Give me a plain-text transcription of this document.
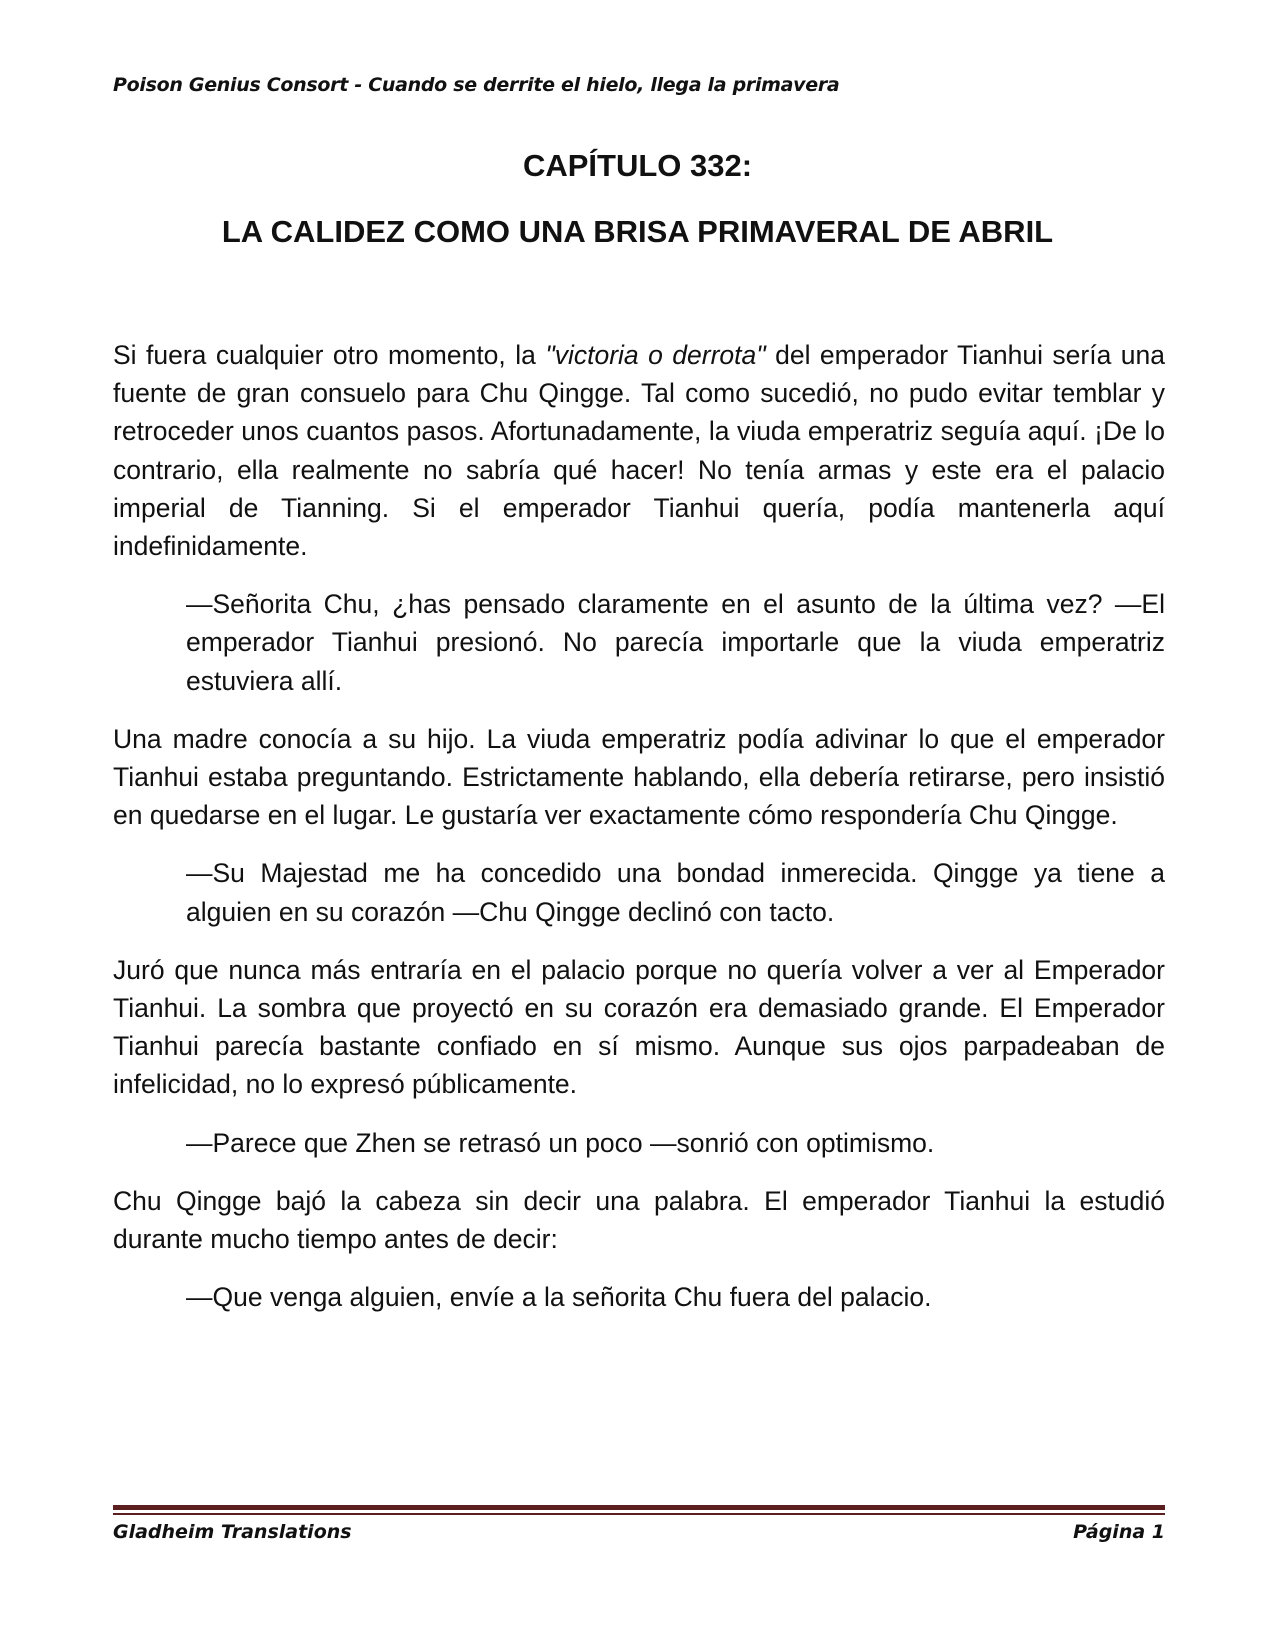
Poison Genius Consort - Cuando se derrite el hielo, llega la primavera
CAPÍTULO 332:
LA CALIDEZ COMO UNA BRISA PRIMAVERAL DE ABRIL

Si fuera cualquier otro momento, la "victoria o derrota" del emperador Tianhui sería una fuente de gran consuelo para Chu Qingge. Tal como sucedió, no pudo evitar temblar y retroceder unos cuantos pasos. Afortunadamente, la viuda emperatriz seguía aquí. ¡De lo contrario, ella realmente no sabría qué hacer! No tenía armas y este era el palacio imperial de Tianning. Si el emperador Tianhui quería, podía mantenerla aquí indefinidamente.

—Señorita Chu, ¿has pensado claramente en el asunto de la última vez? —El emperador Tianhui presionó. No parecía importarle que la viuda emperatriz estuviera allí.

Una madre conocía a su hijo. La viuda emperatriz podía adivinar lo que el emperador Tianhui estaba preguntando. Estrictamente hablando, ella debería retirarse, pero insistió en quedarse en el lugar. Le gustaría ver exactamente cómo respondería Chu Qingge.

—Su Majestad me ha concedido una bondad inmerecida. Qingge ya tiene a alguien en su corazón —Chu Qingge declinó con tacto.

Juró que nunca más entraría en el palacio porque no quería volver a ver al Emperador Tianhui. La sombra que proyectó en su corazón era demasiado grande. El Emperador Tianhui parecía bastante confiado en sí mismo. Aunque sus ojos parpadeaban de infelicidad, no lo expresó públicamente.

—Parece que Zhen se retrasó un poco —sonrió con optimismo.

Chu Qingge bajó la cabeza sin decir una palabra. El emperador Tianhui la estudió durante mucho tiempo antes de decir:

—Que venga alguien, envíe a la señorita Chu fuera del palacio.

Gladheim Translations	Página 1
